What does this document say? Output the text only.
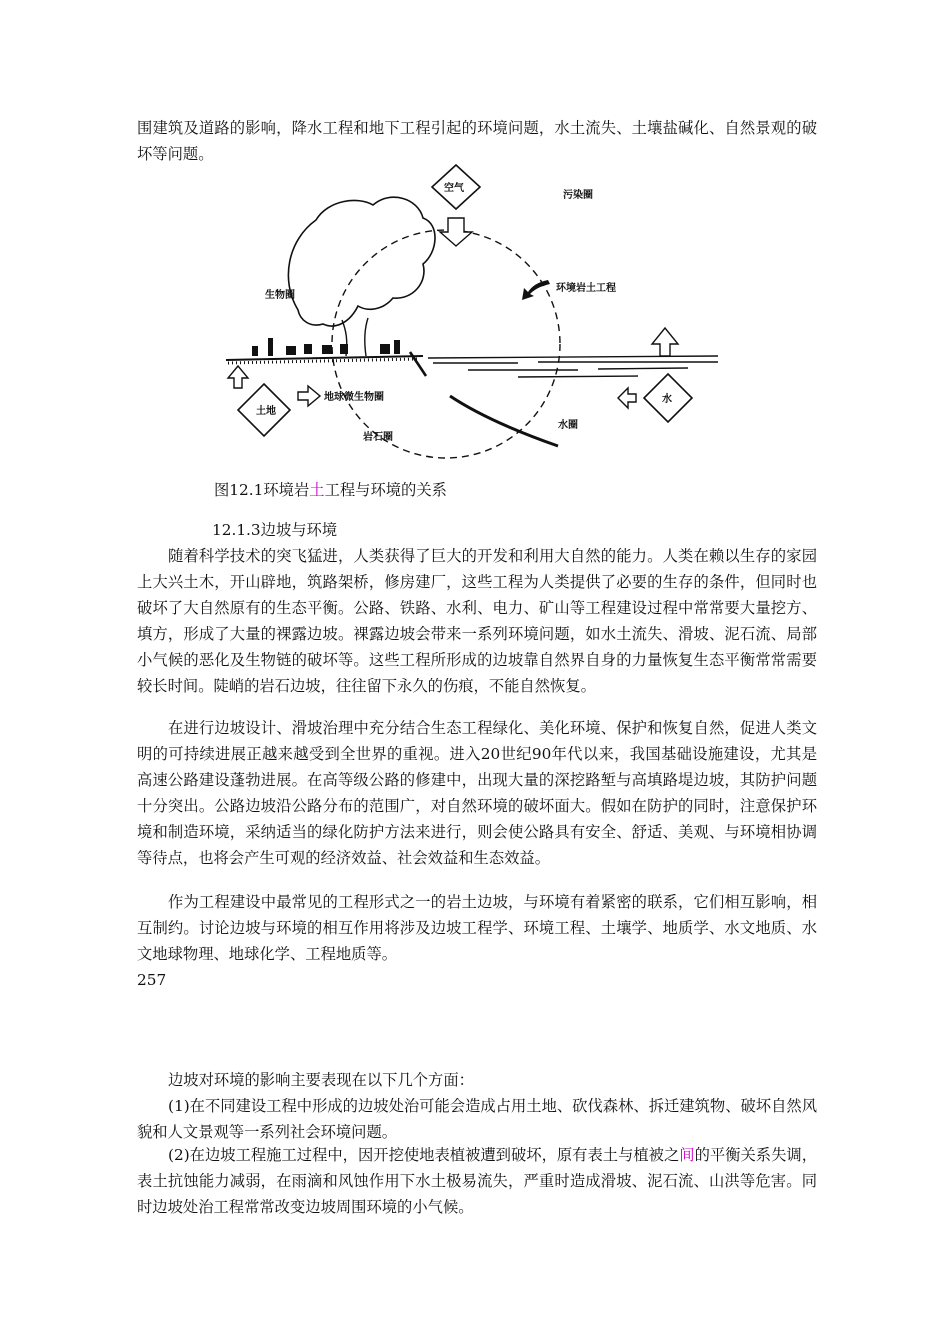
围建筑及道路的影响，降水工程和地下工程引起的环境问题，水土流失、土壤盐碱化、自然景观的破坏等问题。

空气
污染圈
生物圈
环境岩土工程
土地
地球微生物圈
岩石圈
水
水圈

图12.1环境岩土工程与环境的关系

12.1.3边坡与环境

随着科学技术的突飞猛进，人类获得了巨大的开发和利用大自然的能力。人类在赖以生存的家园上大兴土木，开山辟地，筑路架桥，修房建厂，这些工程为人类提供了必要的生存的条件，但同时也破坏了大自然原有的生态平衡。公路、铁路、水利、电力、矿山等工程建设过程中常常要大量挖方、填方，形成了大量的裸露边坡。裸露边坡会带来一系列环境问题，如水土流失、滑坡、泥石流、局部小气候的恶化及生物链的破坏等。这些工程所形成的边坡靠自然界自身的力量恢复生态平衡常常需要较长时间。陡峭的岩石边坡，往往留下永久的伤痕，不能自然恢复。

在进行边坡设计、滑坡治理中充分结合生态工程绿化、美化环境、保护和恢复自然，促进人类文明的可持续进展正越来越受到全世界的重视。进入20世纪90年代以来，我国基础设施建设，尤其是高速公路建设蓬勃进展。在高等级公路的修建中，出现大量的深挖路堑与高填路堤边坡，其防护问题十分突出。公路边坡沿公路分布的范围广，对自然环境的破坏面大。假如在防护的同时，注意保护环境和制造环境，采纳适当的绿化防护方法来进行，则会使公路具有安全、舒适、美观、与环境相协调等待点，也将会产生可观的经济效益、社会效益和生态效益。

作为工程建设中最常见的工程形式之一的岩土边坡，与环境有着紧密的联系，它们相互影响，相互制约。讨论边坡与环境的相互作用将涉及边坡工程学、环境工程、土壤学、地质学、水文地质、水文地球物理、地球化学、工程地质等。

257

边坡对环境的影响主要表现在以下几个方面：

(1)在不同建设工程中形成的边坡处治可能会造成占用土地、砍伐森林、拆迁建筑物、破坏自然风貌和人文景观等一系列社会环境问题。

(2)在边坡工程施工过程中，因开挖使地表植被遭到破坏，原有表土与植被之间的平衡关系失调，表土抗蚀能力减弱，在雨滴和风蚀作用下水土极易流失，严重时造成滑坡、泥石流、山洪等危害。同时边坡处治工程常常改变边坡周围环境的小气候。
